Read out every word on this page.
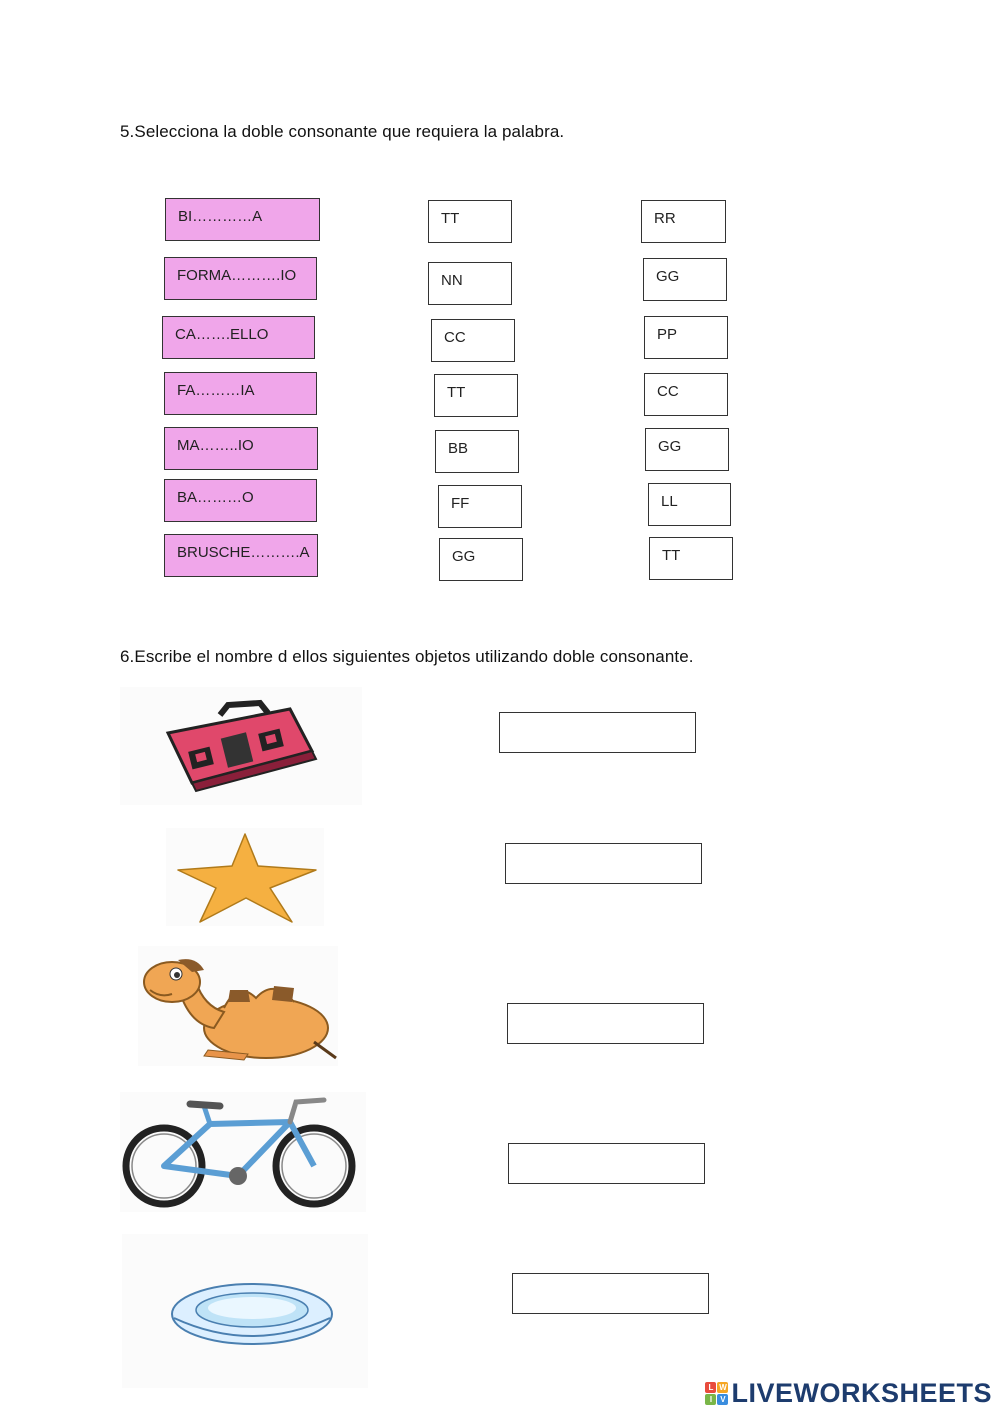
5.Selecciona la doble consonante que requiera la palabra.
BI…………A
FORMA……….IO
CA…….ELLO
FA………IA
MA……..IO
BA………O
BRUSCHE……….A
TT
NN
CC
TT
BB
FF
GG
RR
GG
PP
CC
GG
LL
TT
6.Escribe el nombre d ellos siguientes objetos utilizando doble consonante.
L W
I	V LIVEWORKSHEETS
